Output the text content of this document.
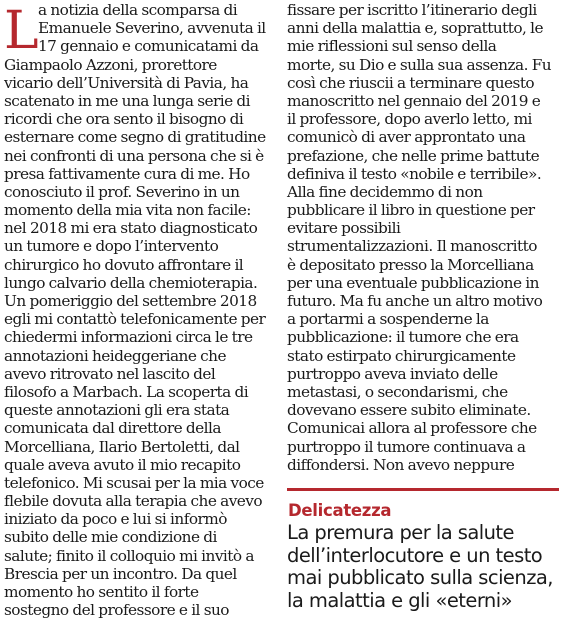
L a notizia della scomparsa di
Emanuele Severino, avvenuta il
17 gennaio e comunicatami da
Giampaolo Azzoni, prorettore
vicario dell’Università di Pavia, ha
scatenato in me una lunga serie di
ricordi che ora sento il bisogno di
esternare come segno di gratitudine
nei confronti di una persona che si è
presa fattivamente cura di me. Ho
conosciuto il prof. Severino in un
momento della mia vita non facile:
nel 2018 mi era stato diagnosticato
un tumore e dopo l’intervento
chirurgico ho dovuto affrontare il
lungo calvario della chemioterapia.
Un pomeriggio del settembre 2018
egli mi contattò telefonicamente per
chiedermi informazioni circa le tre
annotazioni heideggeriane che
avevo ritrovato nel lascito del
filosofo a Marbach. La scoperta di
queste annotazioni gli era stata
comunicata dal direttore della
Morcelliana, Ilario Bertoletti, dal
quale aveva avuto il mio recapito
telefonico. Mi scusai per la mia voce
flebile dovuta alla terapia che avevo
iniziato da poco e lui si informò
subito delle mie condizione di
salute; finito il colloquio mi invitò a
Brescia per un incontro. Da quel
momento ho sentito il forte
sostegno del professore e il suo
fissare per iscritto l’itinerario degli
anni della malattia e, soprattutto, le
mie riflessioni sul senso della
morte, su Dio e sulla sua assenza. Fu
così che riuscii a terminare questo
manoscritto nel gennaio del 2019 e
il professore, dopo averlo letto, mi
comunicò di aver approntato una
prefazione, che nelle prime battute
definiva il testo «nobile e terribile».
Alla fine decidemmo di non
pubblicare il libro in questione per
evitare possibili
strumentalizzazioni. Il manoscritto
è depositato presso la Morcelliana
per una eventuale pubblicazione in
futuro. Ma fu anche un altro motivo
a portarmi a sospenderne la
pubblicazione: il tumore che era
stato estirpato chirurgicamente
purtroppo aveva inviato delle
metastasi, o secondarismi, che
dovevano essere subito eliminate.
Comunicai allora al professore che
purtroppo il tumore continuava a
diffondersi. Non avevo neppure
Delicatezza
La premura per la salute
dell’interlocutore e un testo
mai pubblicato sulla scienza,
la malattia e gli «eterni»
